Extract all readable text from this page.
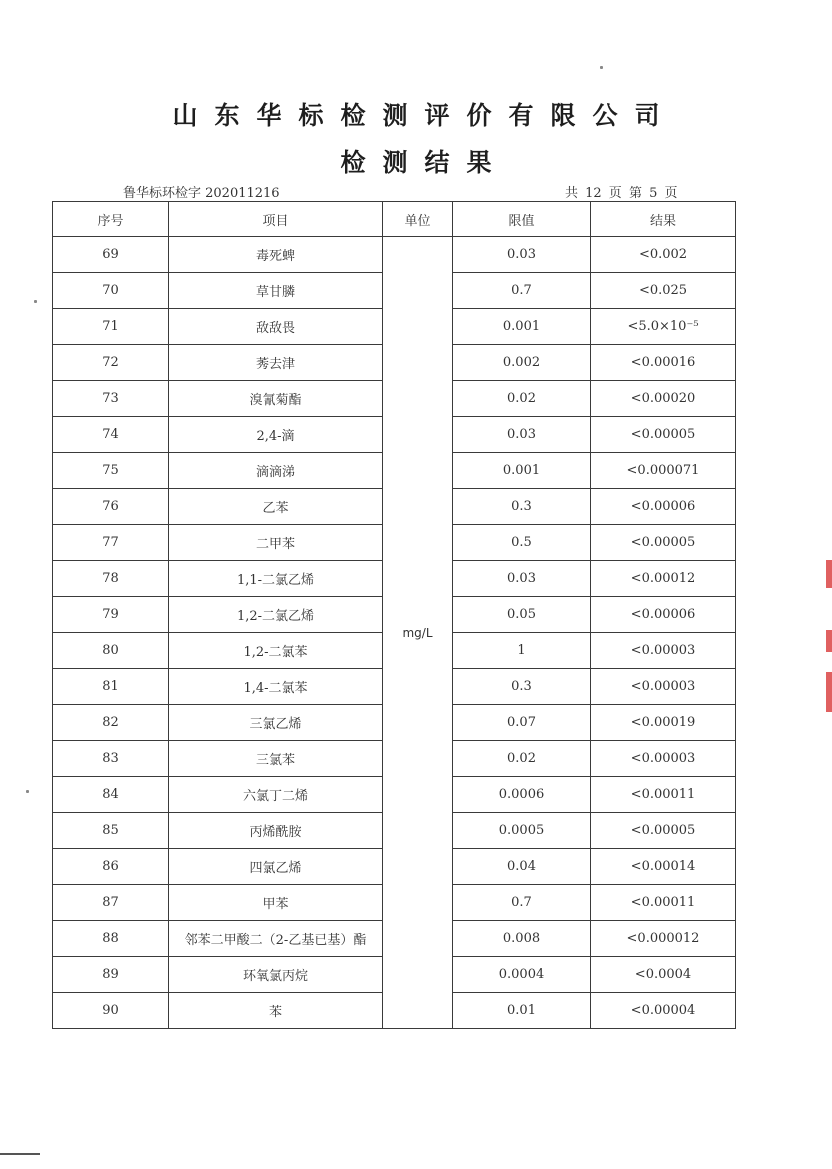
山东华标检测评价有限公司
检测结果
鲁华标环检字 202011216	共 12 页 第 5 页
序号	项目	单位	限值	结果
69	毒死蜱	mg/L	0.03	<0.002
70	草甘膦		0.7	<0.025
71	敌敌畏		0.001	<5.0×10⁻⁵
72	莠去津		0.002	<0.00016
73	溴氰菊酯		0.02	<0.00020
74	2,4-滴		0.03	<0.00005
75	滴滴涕		0.001	<0.000071
76	乙苯		0.3	<0.00006
77	二甲苯		0.5	<0.00005
78	1,1-二氯乙烯		0.03	<0.00012
79	1,2-二氯乙烯		0.05	<0.00006
80	1,2-二氯苯		1	<0.00003
81	1,4-二氯苯		0.3	<0.00003
82	三氯乙烯		0.07	<0.00019
83	三氯苯		0.02	<0.00003
84	六氯丁二烯		0.0006	<0.00011
85	丙烯酰胺		0.0005	<0.00005
86	四氯乙烯		0.04	<0.00014
87	甲苯		0.7	<0.00011
88	邻苯二甲酸二（2-乙基已基）酯		0.008	<0.000012
89	环氧氯丙烷		0.0004	<0.0004
90	苯		0.01	<0.00004
